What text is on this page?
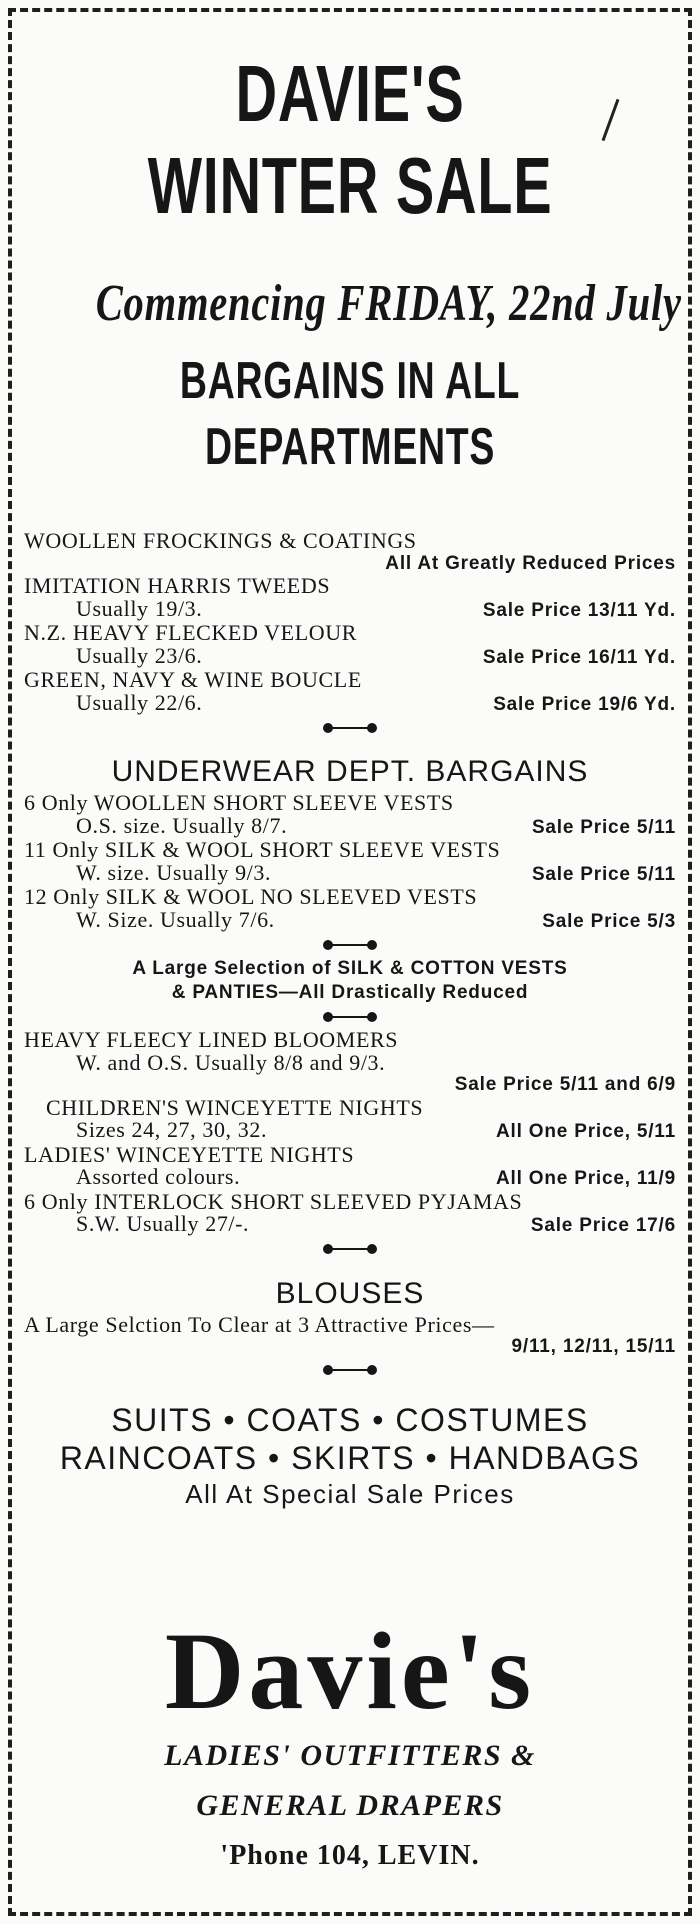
DAVIE'S
WINTER SALE
Commencing FRIDAY, 22nd July
BARGAINS IN ALL
DEPARTMENTS
WOOLLEN FROCKINGS & COATINGS
All At Greatly Reduced Prices
IMITATION HARRIS TWEEDS
Usually 19/3.	Sale Price 13/11 Yd.
N.Z. HEAVY FLECKED VELOUR
Usually 23/6.	Sale Price 16/11 Yd.
GREEN, NAVY & WINE BOUCLE
Usually 22/6.	Sale Price 19/6 Yd.
UNDERWEAR DEPT. BARGAINS
6 Only WOOLLEN SHORT SLEEVE VESTS
O.S. size. Usually 8/7.	Sale Price 5/11
11 Only SILK & WOOL SHORT SLEEVE VESTS
W. size. Usually 9/3.	Sale Price 5/11
12 Only SILK & WOOL NO SLEEVED VESTS
W. Size. Usually 7/6.	Sale Price 5/3
A Large Selection of SILK & COTTON VESTS
& PANTIES—All Drastically Reduced
HEAVY FLEECY LINED BLOOMERS
W. and O.S. Usually 8/8 and 9/3.
Sale Price 5/11 and 6/9
CHILDREN'S WINCEYETTE NIGHTS
Sizes 24, 27, 30, 32.	All One Price, 5/11
LADIES' WINCEYETTE NIGHTS
Assorted colours.	All One Price, 11/9
6 Only INTERLOCK SHORT SLEEVED PYJAMAS
S.W. Usually 27/-.	Sale Price 17/6
BLOUSES
A Large Selction To Clear at 3 Attractive Prices—
9/11, 12/11, 15/11
SUITS • COATS • COSTUMES
RAINCOATS • SKIRTS • HANDBAGS
All At Special Sale Prices
Davie's
LADIES' OUTFITTERS &
GENERAL DRAPERS
'Phone 104, LEVIN.
